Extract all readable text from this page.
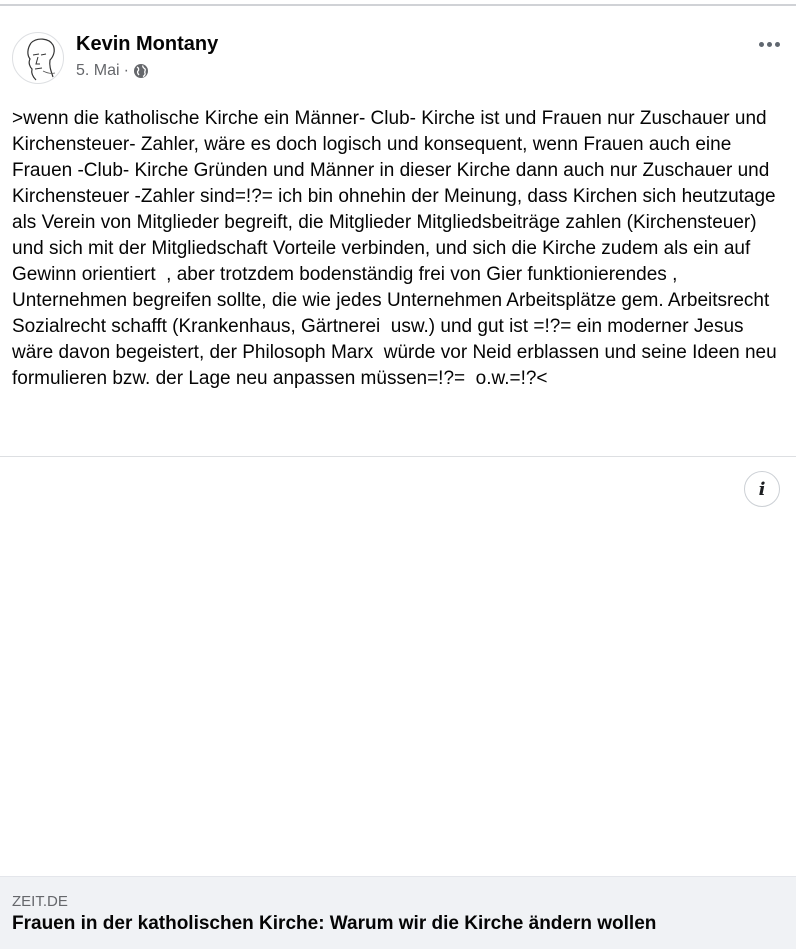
Kevin Montany
5. Mai ·

>wenn die katholische Kirche ein Männer- Club- Kirche ist und Frauen nur Zuschauer und Kirchensteuer- Zahler, wäre es doch logisch und konsequent, wenn Frauen auch eine Frauen -Club- Kirche Gründen und Männer in dieser Kirche dann auch nur Zuschauer und Kirchensteuer -Zahler sind=!?= ich bin ohnehin der Meinung, dass Kirchen sich heutzutage als Verein von Mitglieder begreift, die Mitglieder Mitgliedsbeiträge zahlen (Kirchensteuer) und sich mit der Mitgliedschaft Vorteile verbinden, und sich die Kirche zudem als ein auf Gewinn orientiert  , aber trotzdem bodenständig frei von Gier funktionierendes , Unternehmen begreifen sollte, die wie jedes Unternehmen Arbeitsplätze gem. Arbeitsrecht Sozialrecht schafft (Krankenhaus, Gärtnerei  usw.) und gut ist =!?= ein moderner Jesus wäre davon begeistert, der Philosoph Marx  würde vor Neid erblassen und seine Ideen neu formulieren bzw. der Lage neu anpassen müssen=!?=  o.w.=!?<

i
ZEIT.DE
Frauen in der katholischen Kirche: Warum wir die Kirche ändern wollen
